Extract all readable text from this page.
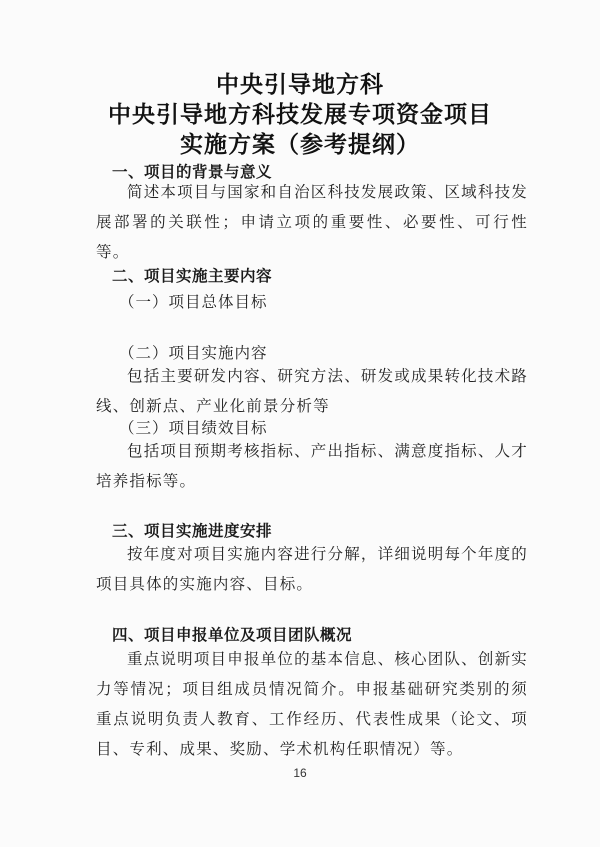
中央引导地方科
中央引导地方科技发展专项资金项目
实施方案（参考提纲）
一、项目的背景与意义
简述本项目与国家和自治区科技发展政策、区域科技发展部署的关联性；申请立项的重要性、必要性、可行性等。
二、项目实施主要内容
（一）项目总体目标
（二）项目实施内容
包括主要研发内容、研究方法、研发或成果转化技术路线、创新点、产业化前景分析等
（三）项目绩效目标
包括项目预期考核指标、产出指标、满意度指标、人才培养指标等。
三、项目实施进度安排
按年度对项目实施内容进行分解，详细说明每个年度的项目具体的实施内容、目标。
四、项目申报单位及项目团队概况
重点说明项目申报单位的基本信息、核心团队、创新实力等情况；项目组成员情况简介。申报基础研究类别的须重点说明负责人教育、工作经历、代表性成果（论文、项目、专利、成果、奖励、学术机构任职情况）等。
16
